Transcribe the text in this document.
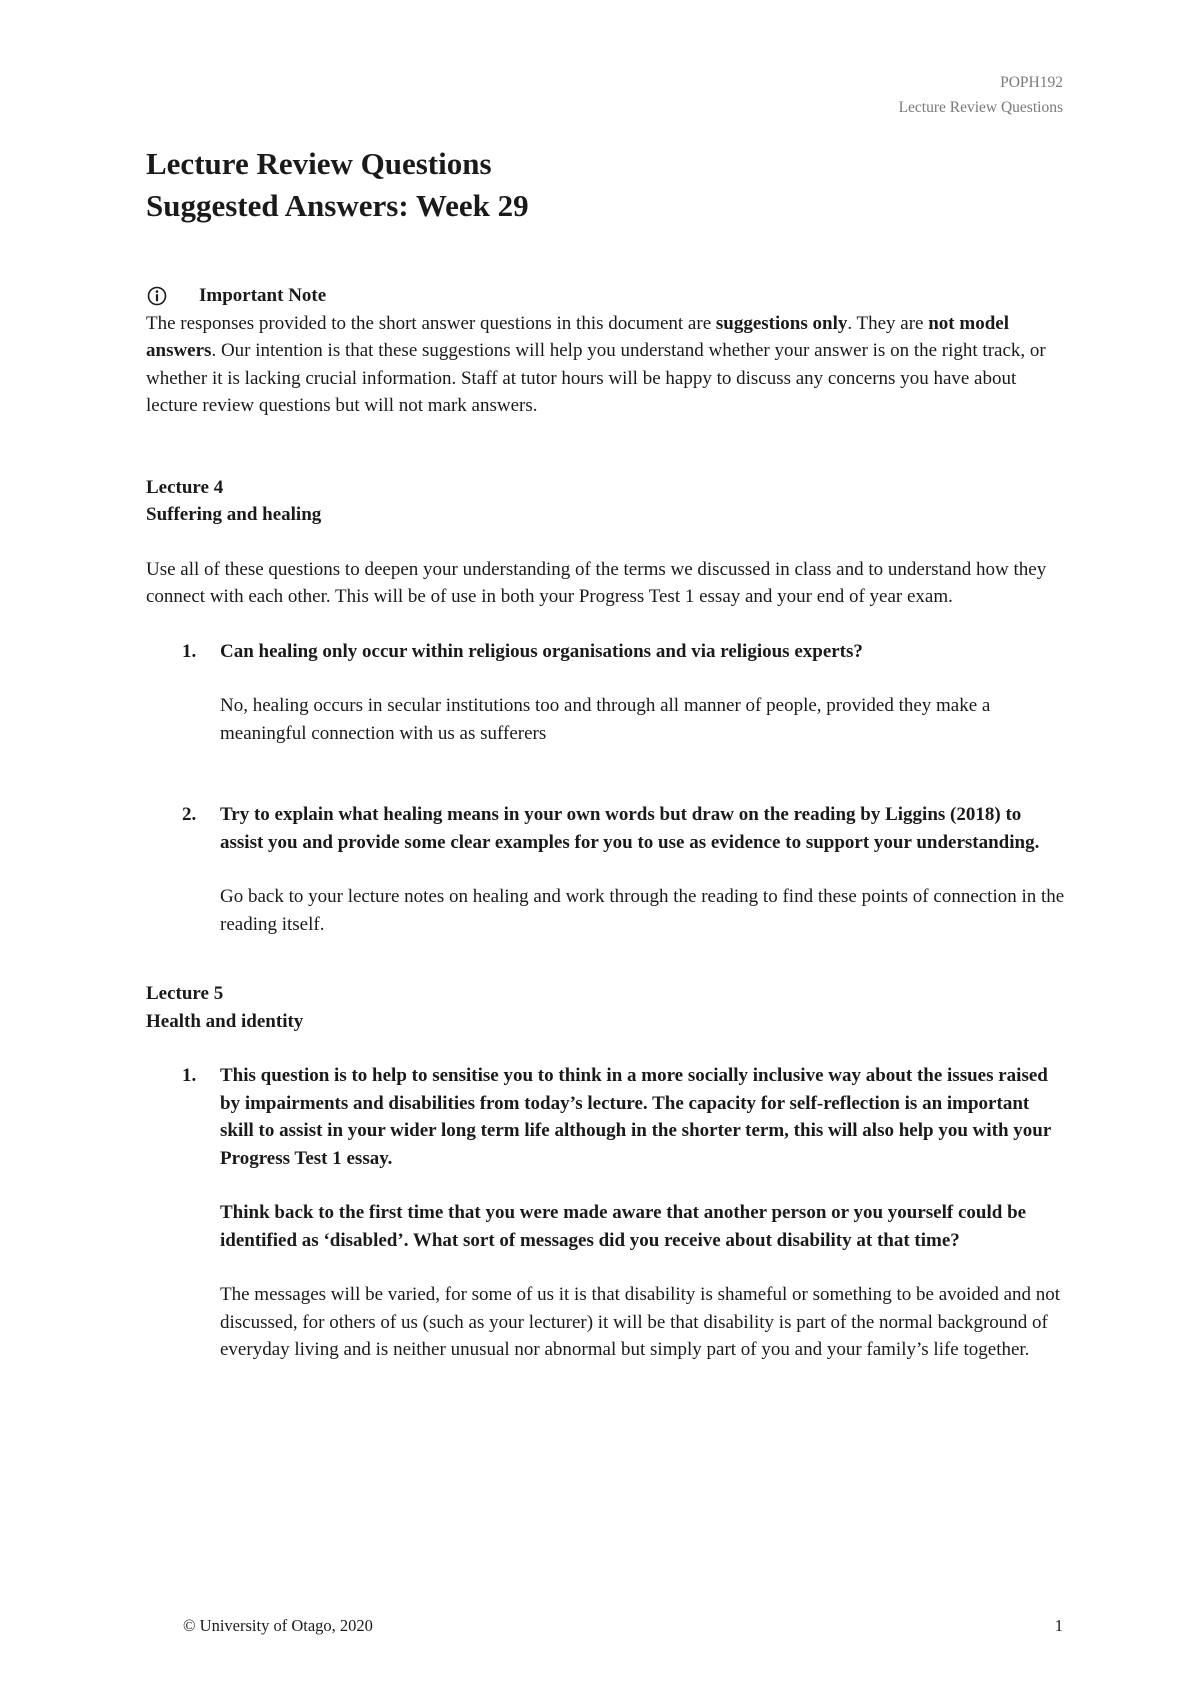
POPH192
Lecture Review Questions
Lecture Review Questions
Suggested Answers: Week 29
Important Note

The responses provided to the short answer questions in this document are suggestions only. They are not model answers. Our intention is that these suggestions will help you understand whether your answer is on the right track, or whether it is lacking crucial information. Staff at tutor hours will be happy to discuss any concerns you have about lecture review questions but will not mark answers.

Lecture 4
Suffering and healing
Use all of these questions to deepen your understanding of the terms we discussed in class and to understand how they connect with each other. This will be of use in both your Progress Test 1 essay and your end of year exam.
1. Can healing only occur within religious organisations and via religious experts?
No, healing occurs in secular institutions too and through all manner of people, provided they make a meaningful connection with us as sufferers
2. Try to explain what healing means in your own words but draw on the reading by Liggins (2018) to assist you and provide some clear examples for you to use as evidence to support your understanding.
Go back to your lecture notes on healing and work through the reading to find these points of connection in the reading itself.
Lecture 5
Health and identity
1. This question is to help to sensitise you to think in a more socially inclusive way about the issues raised by impairments and disabilities from today’s lecture. The capacity for self-reflection is an important skill to assist in your wider long term life although in the shorter term, this will also help you with your Progress Test 1 essay.
Think back to the first time that you were made aware that another person or you yourself could be identified as ‘disabled’. What sort of messages did you receive about disability at that time?
The messages will be varied, for some of us it is that disability is shameful or something to be avoided and not discussed, for others of us (such as your lecturer) it will be that disability is part of the normal background of everyday living and is neither unusual nor abnormal but simply part of you and your family’s life together.
© University of Otago, 2020	1
